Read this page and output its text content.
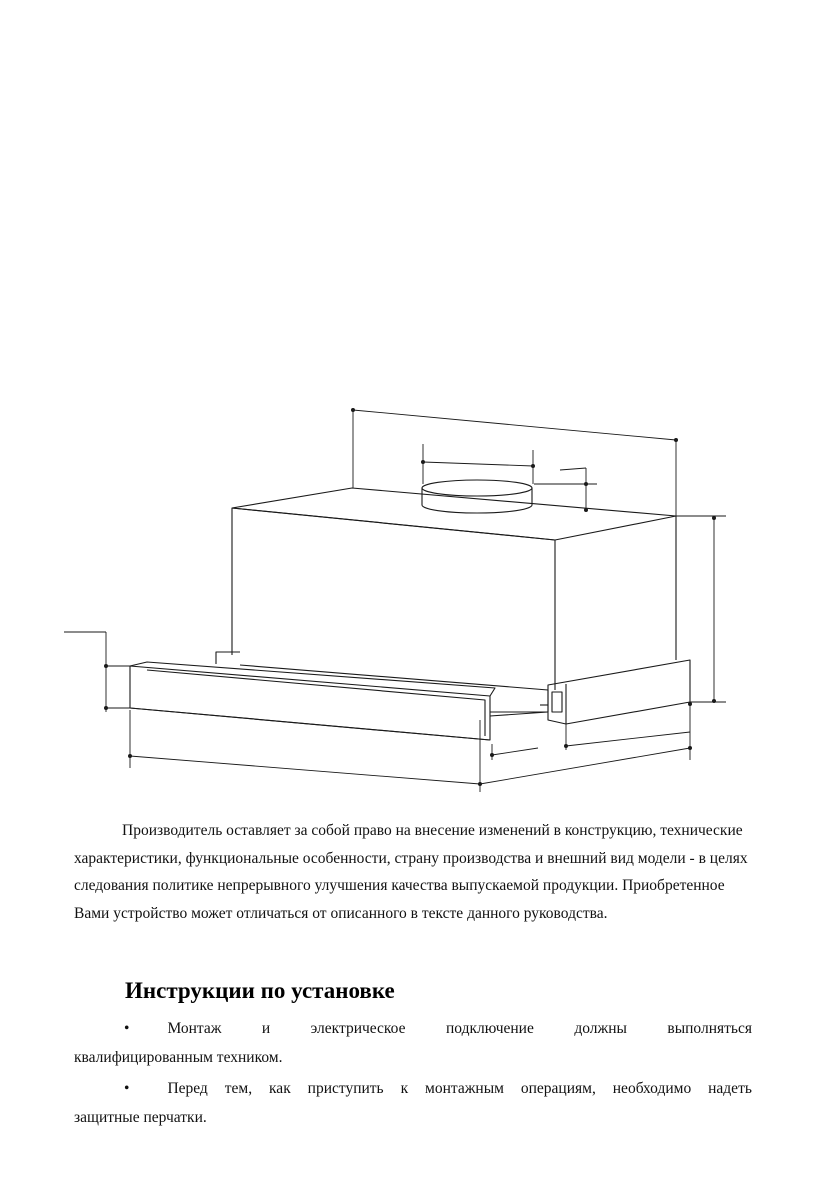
Производитель оставляет за собой право на внесение изменений в конструкцию, технические характеристики, функциональные особенности, страну производства и внешний вид модели - в целях следования политике непрерывного улучшения качества выпускаемой продукции. Приобретенное Вами устройство может отличаться от описанного в тексте данного руководства.

Инструкции по установке
• Монтаж	и	электрическое	подключение	должны	выполняться
квалифицированным техником.
• Перед тем, как приступить к монтажным операциям, необходимо надеть
защитные перчатки.
